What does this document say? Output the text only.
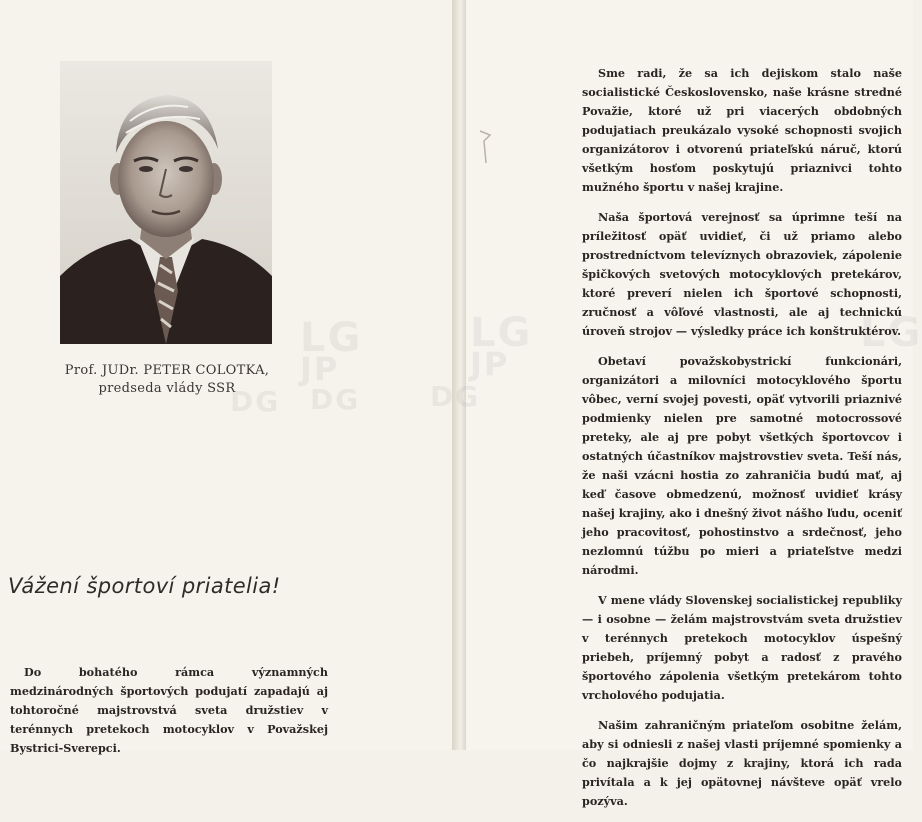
Prof. JUDr. PETER COLOTKA,
predseda vlády SSR
Vážení športoví priatelia!
Do bohatého rámca významných medzinárodných športových podujatí zapadajú aj tohtoročné majstrovstvá sveta družstiev v terénnych pretekoch motocyklov v Považskej Bystrici-Sverepci.

Sme radi, že sa ich dejiskom stalo naše socialistické Československo, naše krásne stredné Považie, ktoré už pri viacerých obdobných podujatiach preukázalo vysoké schopnosti svojich organizátorov i otvorenú priateľskú náruč, ktorú všetkým hosťom poskytujú priaznivci tohto mužného športu v našej krajine.

Naša športová verejnosť sa úprimne teší na príležitosť opäť uvidieť, či už priamo alebo prostredníctvom televíznych obrazoviek, zápolenie špičkových svetových motocyklových pretekárov, ktoré preverí nielen ich športové schopnosti, zručnosť a vôľové vlastnosti, ale aj technickú úroveň strojov — výsledky práce ich konštruktérov.

Obetaví považskobystrickí funkcionári, organizátori a milovníci motocyklového športu vôbec, verní svojej povesti, opäť vytvorili priaznivé podmienky nielen pre samotné motocrossové preteky, ale aj pre pobyt všetkých športovcov i ostatných účastníkov majstrovstiev sveta. Teší nás, že naši vzácni hostia zo zahraničia budú mať, aj keď časove obmedzenú, možnosť uvidieť krásy našej krajiny, ako i dnešný život nášho ľudu, oceniť jeho pracovitosť, pohostinstvo a srdečnosť, jeho nezlomnú túžbu po mieri a priateľstve medzi národmi.

V mene vlády Slovenskej socialistickej republiky — i osobne — želám majstrovstvám sveta družstiev v terénnych pretekoch motocyklov úspešný priebeh, príjemný pobyt a radosť z pravého športového zápolenia všetkým pretekárom tohto vrcholového podujatia.

Našim zahraničným priateľom osobitne želám, aby si odniesli z našej vlasti príjemné spomienky a čo najkrajšie dojmy z krajiny, ktorá ich rada privítala a k jej opätovnej návšteve opäť vrelo pozýva.
